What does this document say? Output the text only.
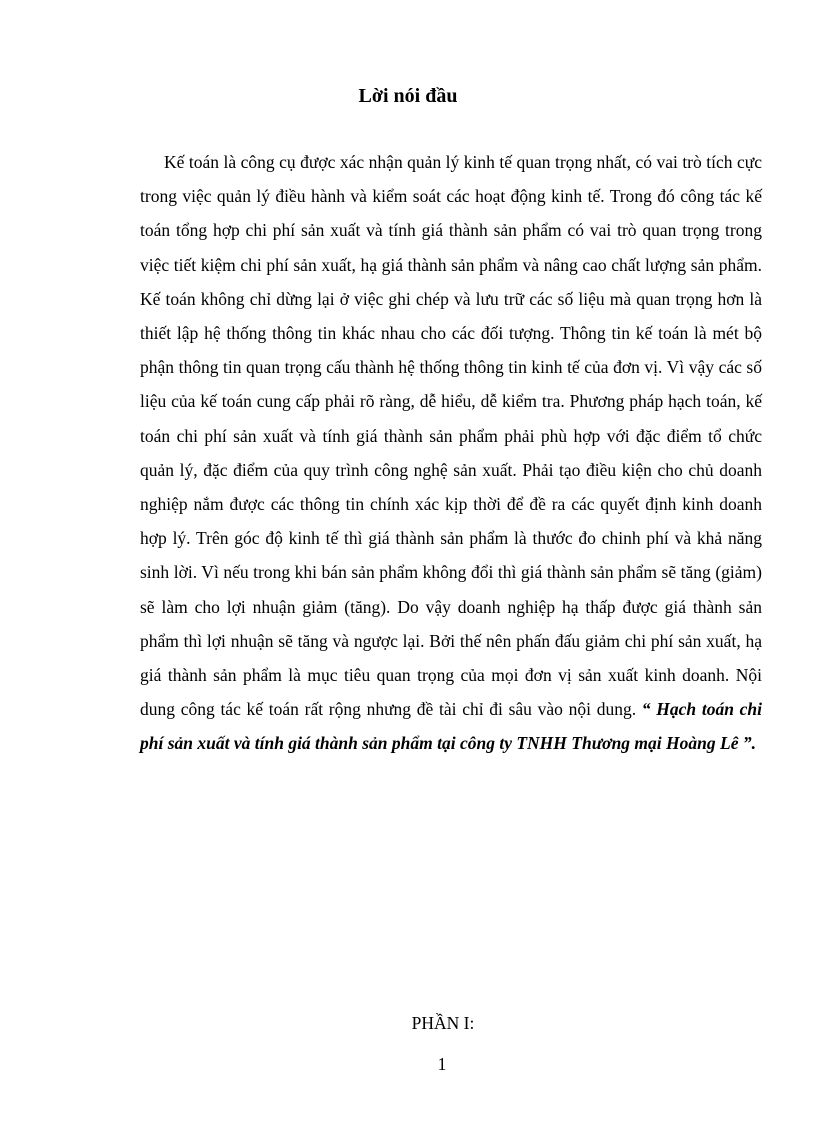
Lời nói đầu

Kế toán là công cụ được xác nhận quản lý kinh tế quan trọng nhất, có vai trò tích cực trong việc quản lý điều hành và kiểm soát các hoạt động kinh tế. Trong đó công tác kế toán tổng hợp chi phí sản xuất và tính giá thành sản phẩm có vai trò quan trọng trong việc tiết kiệm chi phí sản xuất, hạ giá thành sản phẩm và nâng cao chất lượng sản phẩm. Kế toán không chỉ dừng lại ở việc ghi chép và lưu trữ các số liệu mà quan trọng hơn là thiết lập hệ thống thông tin khác nhau cho các đối tượng. Thông tin kế toán là mét bộ phận thông tin quan trọng cấu thành hệ thống thông tin kinh tế của đơn vị. Vì vậy các số liệu của kế toán cung cấp phải rõ ràng, dễ hiểu, dễ kiểm tra. Phương pháp hạch toán, kế toán chi phí sản xuất và tính giá thành sản phẩm phải phù hợp với đặc điểm tổ chức quản lý, đặc điểm của quy trình công nghệ sản xuất. Phải tạo điều kiện cho chủ doanh nghiệp nắm được các thông tin chính xác kịp thời để đề ra các quyết định kinh doanh hợp lý. Trên góc độ kinh tế thì giá thành sản phẩm là thước đo chinh phí và khả năng sinh lời. Vì nếu trong khi bán sản phẩm không đổi thì giá thành sản phẩm sẽ tăng (giảm) sẽ làm cho lợi nhuận giảm (tăng). Do vậy doanh nghiệp hạ thấp được giá thành sản phẩm thì lợi nhuận sẽ tăng và ngược lại. Bởi thế nên phấn đấu giảm chi phí sản xuất, hạ giá thành sản phẩm là mục tiêu quan trọng của mọi đơn vị sản xuất kinh doanh. Nội dung công tác kế toán rất rộng nhưng đề tài chỉ đi sâu vào nội dung. “ Hạch toán chi phí sản xuất và tính giá thành sản phẩm tại công ty TNHH Thương mại Hoàng Lê ”.

PHẦN I:
1
